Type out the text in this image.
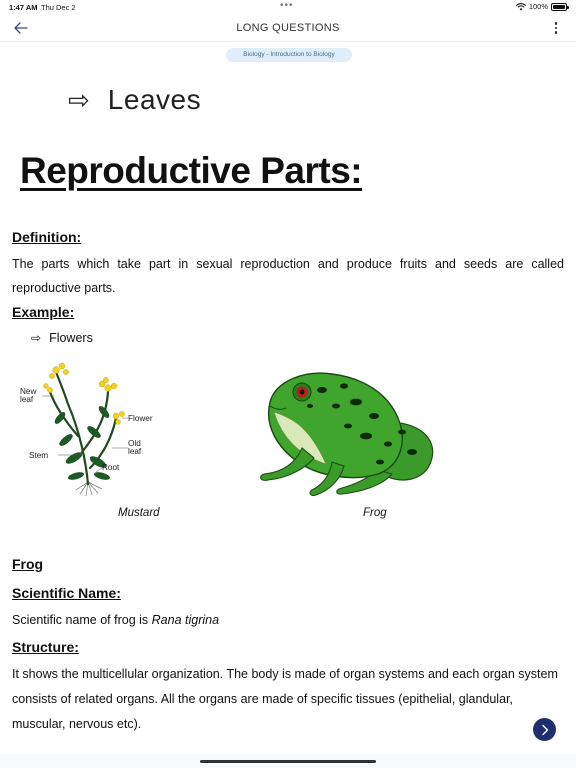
1:47 AM Thu Dec 2	•••	100%
LONG QUESTIONS
Biology - Introduction to Biology
⇨ Leaves
Reproductive Parts:
Definition:
The parts which take part in sexual reproduction and produce fruits and seeds are called reproductive parts.
Example:
⇨ Flowers
New
leaf
Flower
Old
leaf
Stem
Root
Mustard	Frog
Frog
Scientific Name:
Scientific name of frog is Rana tigrina
Structure:
It shows the multicellular organization. The body is made of organ systems and each organ system consists of related organs. All the organs are made of specific tissues (epithelial, glandular, muscular, nervous etc).
